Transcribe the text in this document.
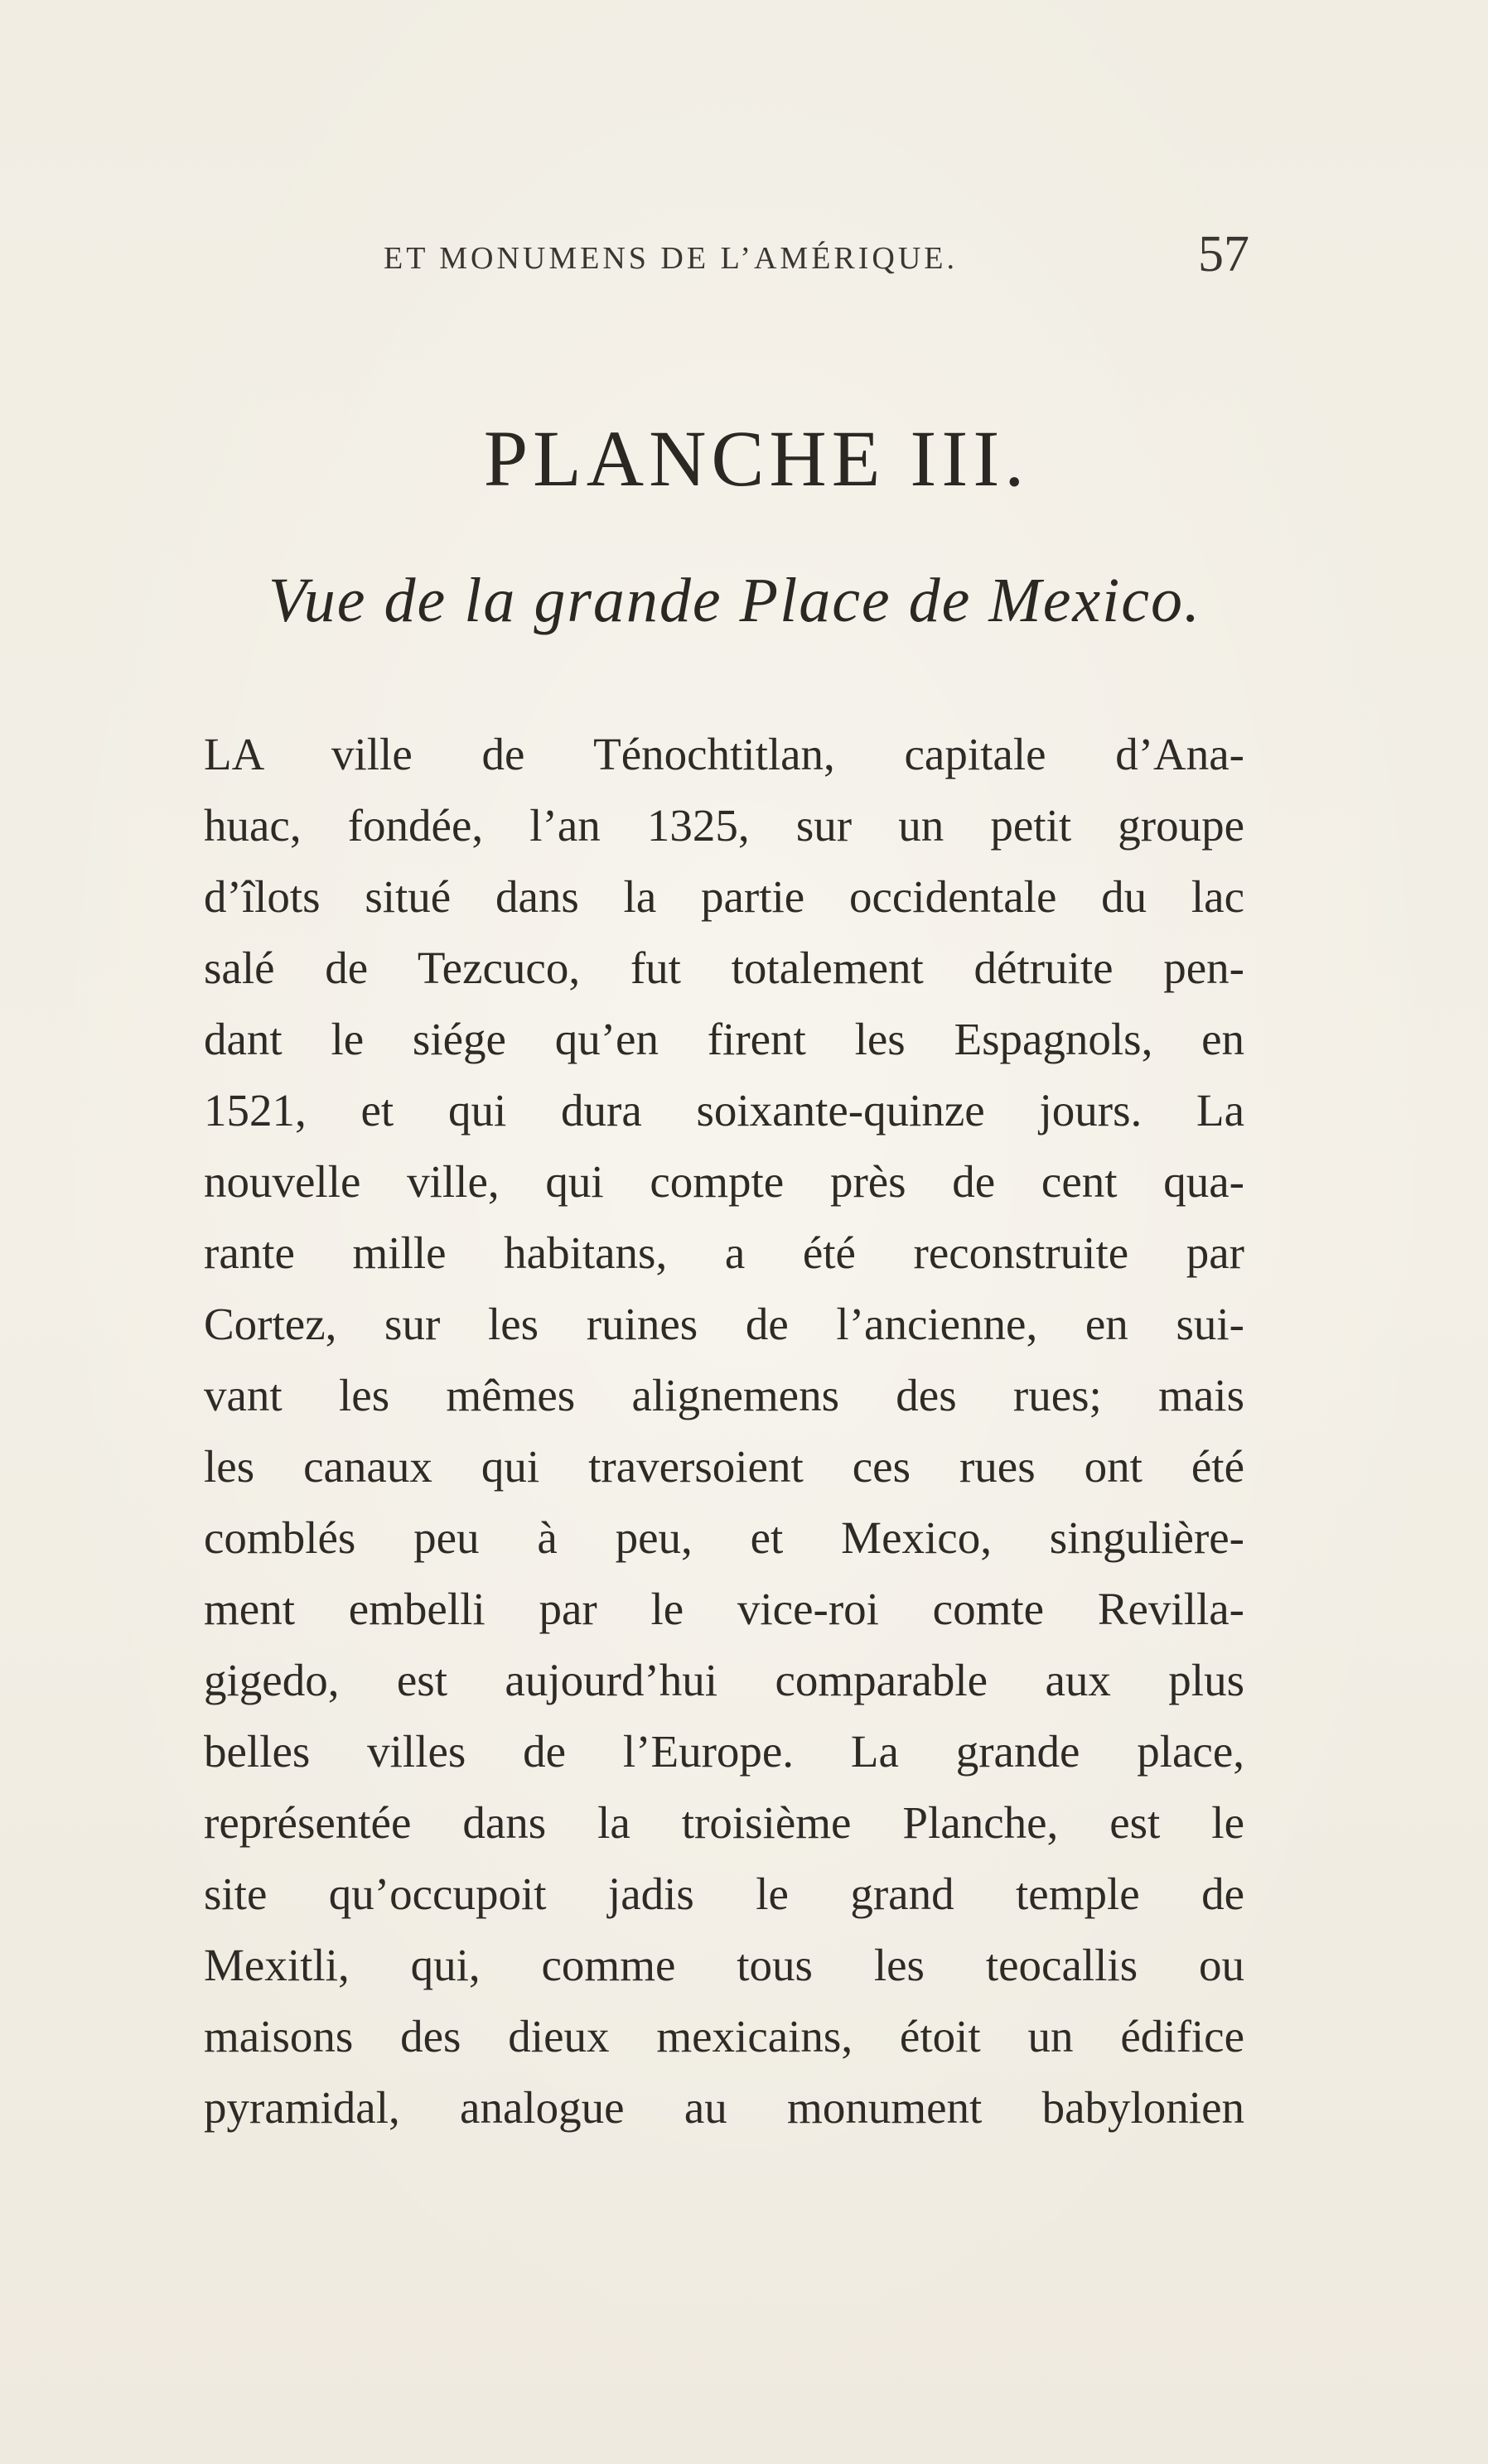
ET MONUMENS DE L’AMÉRIQUE.	57
PLANCHE III.
Vue de la grande Place de Mexico.
LA ville de Ténochtitlan, capitale d’Ana-
huac, fondée, l’an 1325, sur un petit groupe
d’îlots situé dans la partie occidentale du lac
salé de Tezcuco, fut totalement détruite pen-
dant le siége qu’en firent les Espagnols, en
1521, et qui dura soixante-quinze jours. La
nouvelle ville, qui compte près de cent qua-
rante mille habitans, a été reconstruite par
Cortez, sur les ruines de l’ancienne, en sui-
vant les mêmes alignemens des rues; mais
les canaux qui traversoient ces rues ont été
comblés peu à peu, et Mexico, singulière-
ment embelli par le vice-roi comte Revilla-
gigedo, est aujourd’hui comparable aux plus
belles villes de l’Europe. La grande place,
représentée dans la troisième Planche, est le
site qu’occupoit jadis le grand temple de
Mexitli, qui, comme tous les teocallis ou
maisons des dieux mexicains, étoit un édifice
pyramidal, analogue au monument babylonien
